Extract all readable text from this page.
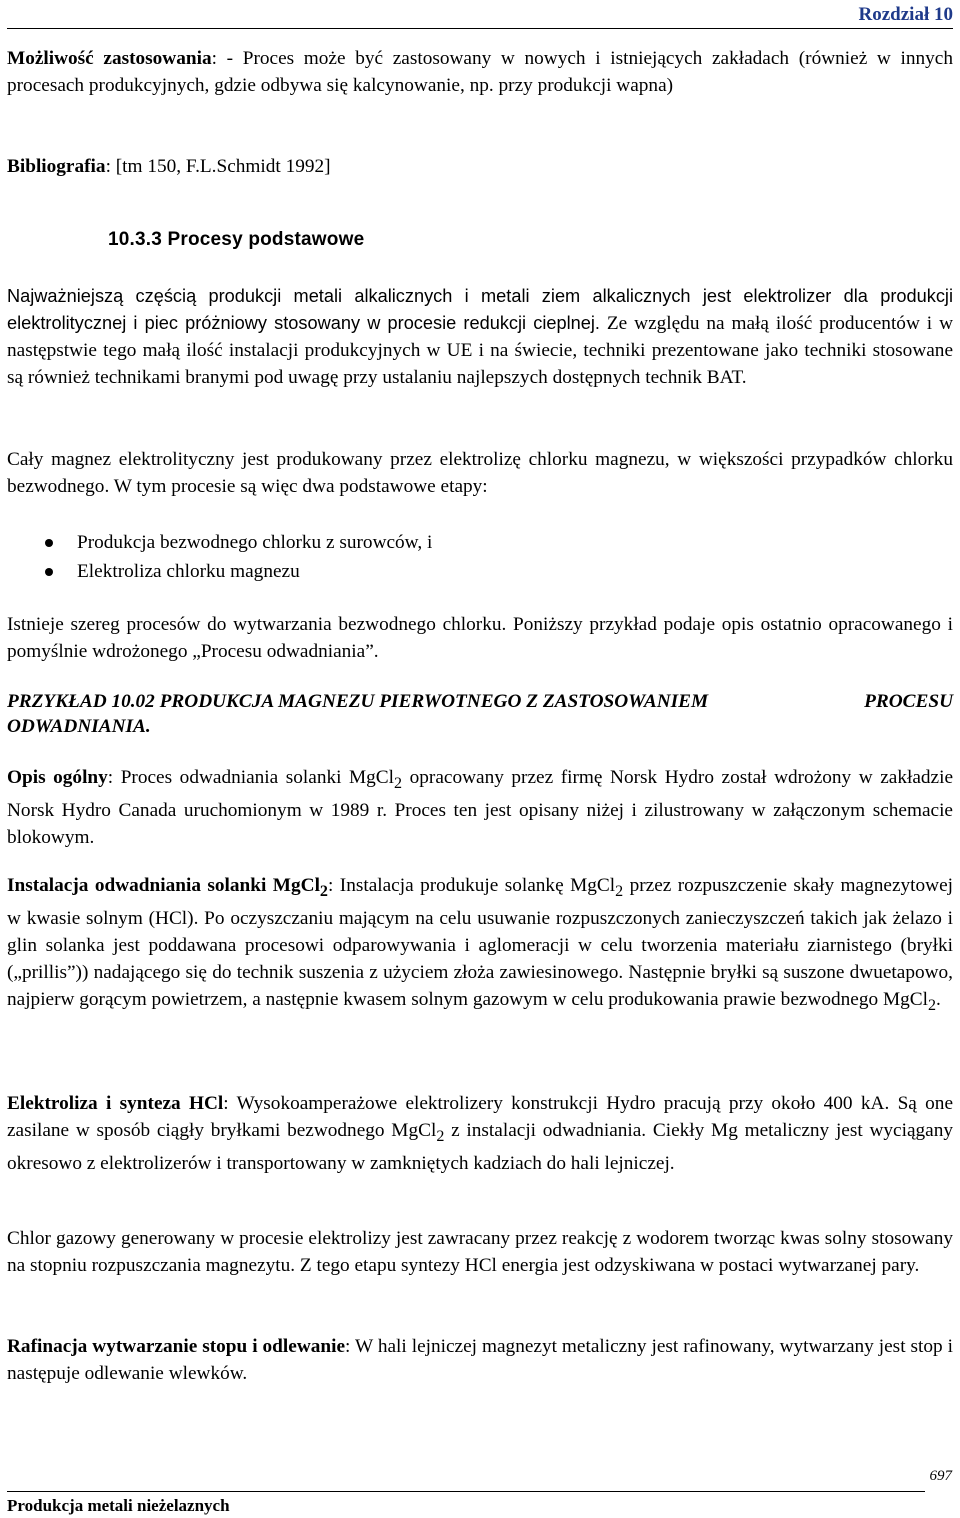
Rozdział 10

Możliwość zastosowania: - Proces może być zastosowany w nowych i istniejących zakładach (również w innych procesach produkcyjnych, gdzie odbywa się kalcynowanie, np. przy produkcji wapna)

Bibliografia: [tm 150, F.L.Schmidt 1992]

10.3.3 Procesy podstawowe

Najważniejszą częścią produkcji metali alkalicznych i metali ziem alkalicznych jest elektrolizer dla produkcji elektrolitycznej i piec próżniowy stosowany w procesie redukcji cieplnej. Ze względu na małą ilość producentów i w następstwie tego małą ilość instalacji produkcyjnych w UE i na świecie, techniki prezentowane jako techniki stosowane są również technikami branymi pod uwagę przy ustalaniu najlepszych dostępnych technik BAT.

Cały magnez elektrolityczny jest produkowany przez elektrolizę chlorku magnezu, w większości przypadków chlorku bezwodnego. W tym procesie są więc dwa podstawowe etapy:

Produkcja bezwodnego chlorku z surowców, i
Elektroliza chlorku magnezu

Istnieje szereg procesów do wytwarzania bezwodnego chlorku. Poniższy przykład podaje opis ostatnio opracowanego i pomyślnie wdrożonego „Procesu odwadniania”.

PRZYKŁAD 10.02 PRODUKCJA MAGNEZU PIERWOTNEGO Z ZASTOSOWANIEM	PROCESU
ODWADNIANIA.

Opis ogólny: Proces odwadniania solanki MgCl$_2$ opracowany przez firmę Norsk Hydro został wdrożony w zakładzie Norsk Hydro Canada uruchomionym w 1989 r. Proces ten jest opisany niżej i zilustrowany w załączonym schemacie blokowym.

Instalacja odwadniania solanki MgCl$_2$: Instalacja produkuje solankę MgCl$_2$ przez rozpuszczenie skały magnezytowej w kwasie solnym (HCl). Po oczyszczaniu mającym na celu usuwanie rozpuszczonych zanieczyszczeń takich jak żelazo i glin solanka jest poddawana procesowi odparowywania i aglomeracji w celu tworzenia materiału ziarnistego (bryłki („prillis”)) nadającego się do technik suszenia z użyciem złoża zawiesinowego. Następnie bryłki są suszone dwuetapowo, najpierw gorącym powietrzem, a następnie kwasem solnym gazowym w celu produkowania prawie bezwodnego MgCl$_2$.

Elektroliza i synteza HCl: Wysokoamperażowe elektrolizery konstrukcji Hydro pracują przy około 400 kA. Są one zasilane w sposób ciągły bryłkami bezwodnego MgCl$_2$ z instalacji odwadniania. Ciekły Mg metaliczny jest wyciągany okresowo z elektrolizerów i transportowany w zamkniętych kadziach do hali lejniczej.

Chlor gazowy generowany w procesie elektrolizy jest zawracany przez reakcję z wodorem tworząc kwas solny stosowany na stopniu rozpuszczania magnezytu. Z tego etapu syntezy HCl energia jest odzyskiwana w postaci wytwarzanej pary.

Rafinacja wytwarzanie stopu i odlewanie: W hali lejniczej magnezyt metaliczny jest rafinowany, wytwarzany jest stop i następuje odlewanie wlewków.

697
Produkcja metali nieżelaznych
